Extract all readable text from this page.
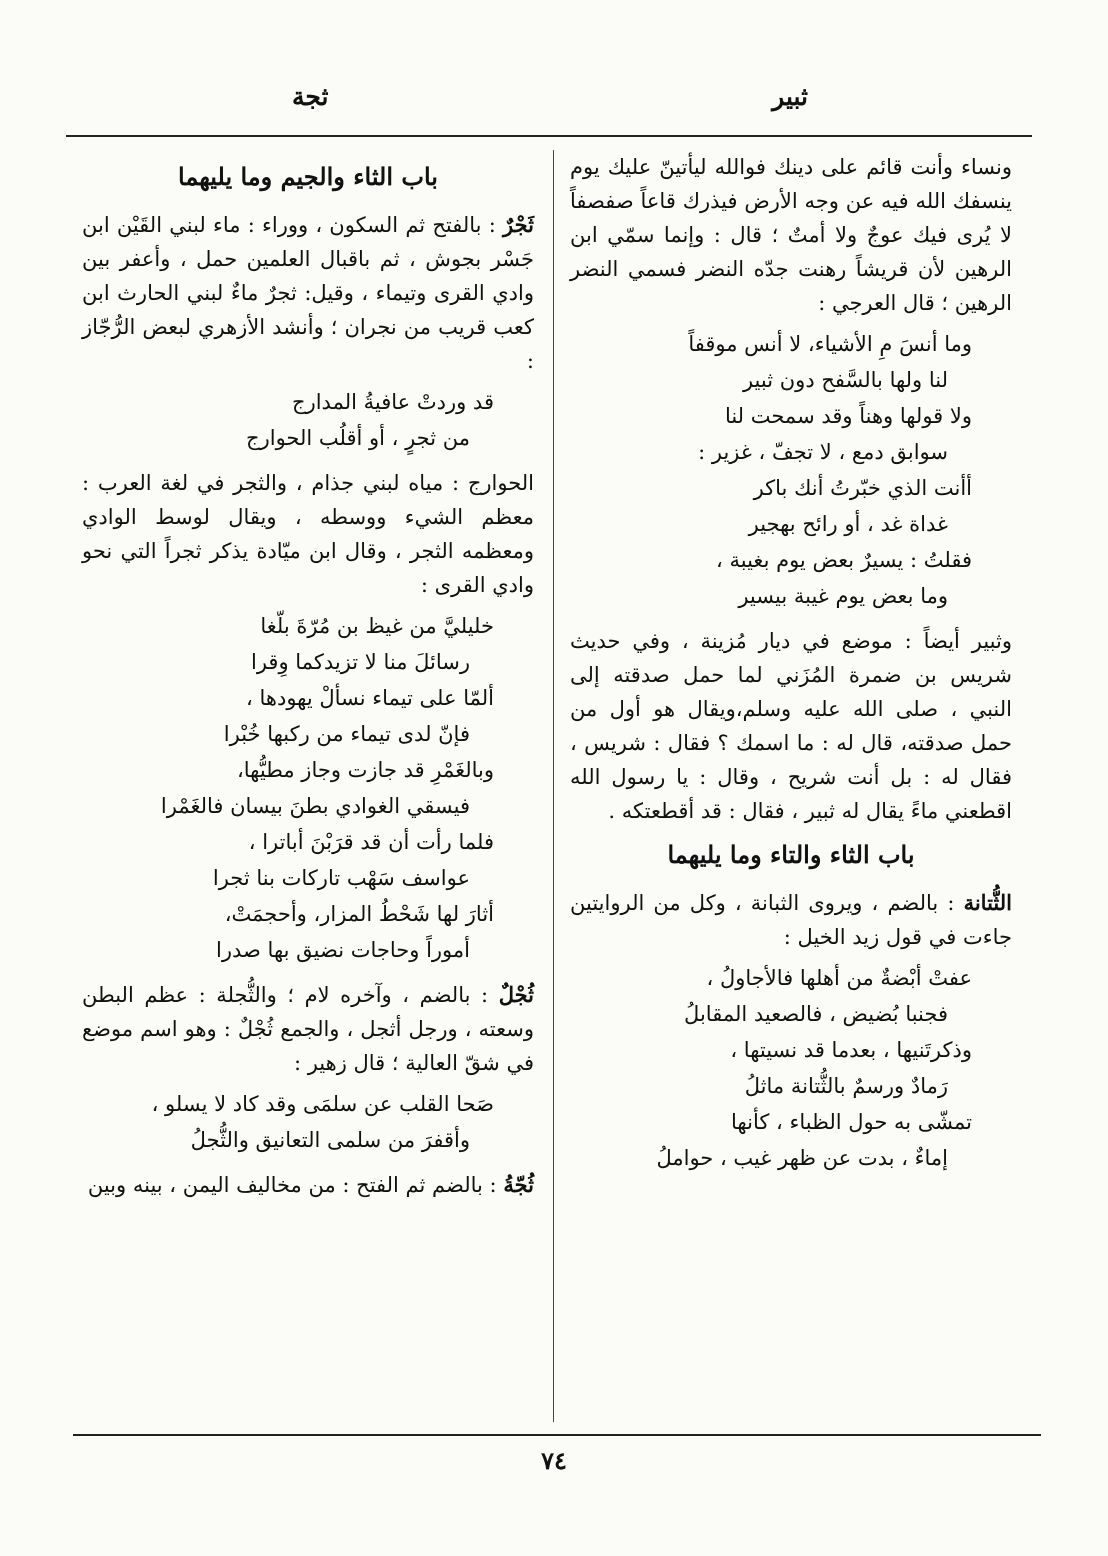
ثبير
ثجة

ونساء وأنت قائم على دينك فوالله ليأتينّ عليك يوم ينسفك الله فيه عن وجه الأرض فيذرك قاعاً صفصفاً لا يُرى فيك عوجٌ ولا أمتٌ ؛ قال : وإنما سمّي ابن الرهين لأن قريشاً رهنت جدّه النضر فسمي النضر الرهين ؛ قال العرجي :

وما أنسَ مِ الأشياء، لا أنس موقفاً
لنا ولها بالسَّفح دون ثبير
ولا قولها وهناً وقد سمحت لنا
سوابق دمع ، لا تجفّ ، غزير :
أأنت الذي خبّرتُ أنك باكر
غداة غد ، أو رائح بهجير
فقلتُ : يسيرٌ بعض يوم بغيبة ،
وما بعض يوم غيبة بيسير

وثبير أيضاً : موضع في ديار مُزينة ، وفي حديث شريس بن ضمرة المُزَني لما حمل صدقته إلى النبي ، صلى الله عليه وسلم،ويقال هو أول من حمل صدقته، قال له : ما اسمك ؟ فقال : شريس ، فقال له : بل أنت شريح ، وقال : يا رسول الله اقطعني ماءً يقال له ثبير ، فقال : قد أقطعتكه .

باب الثاء والتاء وما يليهما

الثُّتانة : بالضم ، ويروى الثبانة ، وكل من الروايتين جاءت في قول زيد الخيل :

عفتْ أبْضةٌ من أهلها فالأجاولُ ،
فجنبا بُضيض ، فالصعيد المقابلُ
وذكرتَنيها ، بعدما قد نسيتها ،
رَمادٌ ورسمٌ بالثُّتانة ماثلُ
تمشّى به حول الظباء ، كأنها
إماءٌ ، بدت عن ظهر غيب ، حواملُ
باب الثاء والجيم وما يليهما

ثَجْرٌ : بالفتح ثم السكون ، ووراء : ماء لبني القَيْن ابن جَسْر بجوش ، ثم باقبال العلمين حمل ، وأعفر بين وادي القرى وتيماء ، وقيل: ثجرٌ ماءٌ لبني الحارث ابن كعب قريب من نجران ؛ وأنشد الأزهري لبعض الرُّجّاز :

قد وردتْ عافيةُ المدارج
من ثجرٍ ، أو أقلُب الحوارج

الحوارج : مياه لبني جذام ، والثجر في لغة العرب : معظم الشيء ووسطه ، ويقال لوسط الوادي ومعظمه الثجر ، وقال ابن ميّادة يذكر ثجراً التي نحو وادي القرى :

خليليَّ من غيظ بن مُرّةَ بلّغا
رسائلَ منا لا تزيدكما وِقرا
ألمّا على تيماء نسألْ يهودها ،
فإنّ لدى تيماء من ركبها خُبْرا
وبالغَمْرِ قد جازت وجاز مطيُّها،
فيسقي الغوادي بطنَ بيسان فالغَمْرا
فلما رأت أن قد قرَبْنَ أباترا ،
عواسف سَهْب تاركات بنا ثجرا
أثارَ لها شَحْطُ المزار، وأحجمَتْ،
أموراً وحاجات نضيق بها صدرا

ثُجْلٌ : بالضم ، وآخره لام ؛ والثُّجلة : عظم البطن وسعته ، ورجل أثجل ، والجمع ثُجْلٌ : وهو اسم موضع في شقّ العالية ؛ قال زهير :

صَحا القلب عن سلمَى وقد كاد لا يسلو ،
وأقفرَ من سلمى التعانيق والثُّجلُ

ثُجّةُ : بالضم ثم الفتح : من مخاليف اليمن ، بينه وبين

٧٤
